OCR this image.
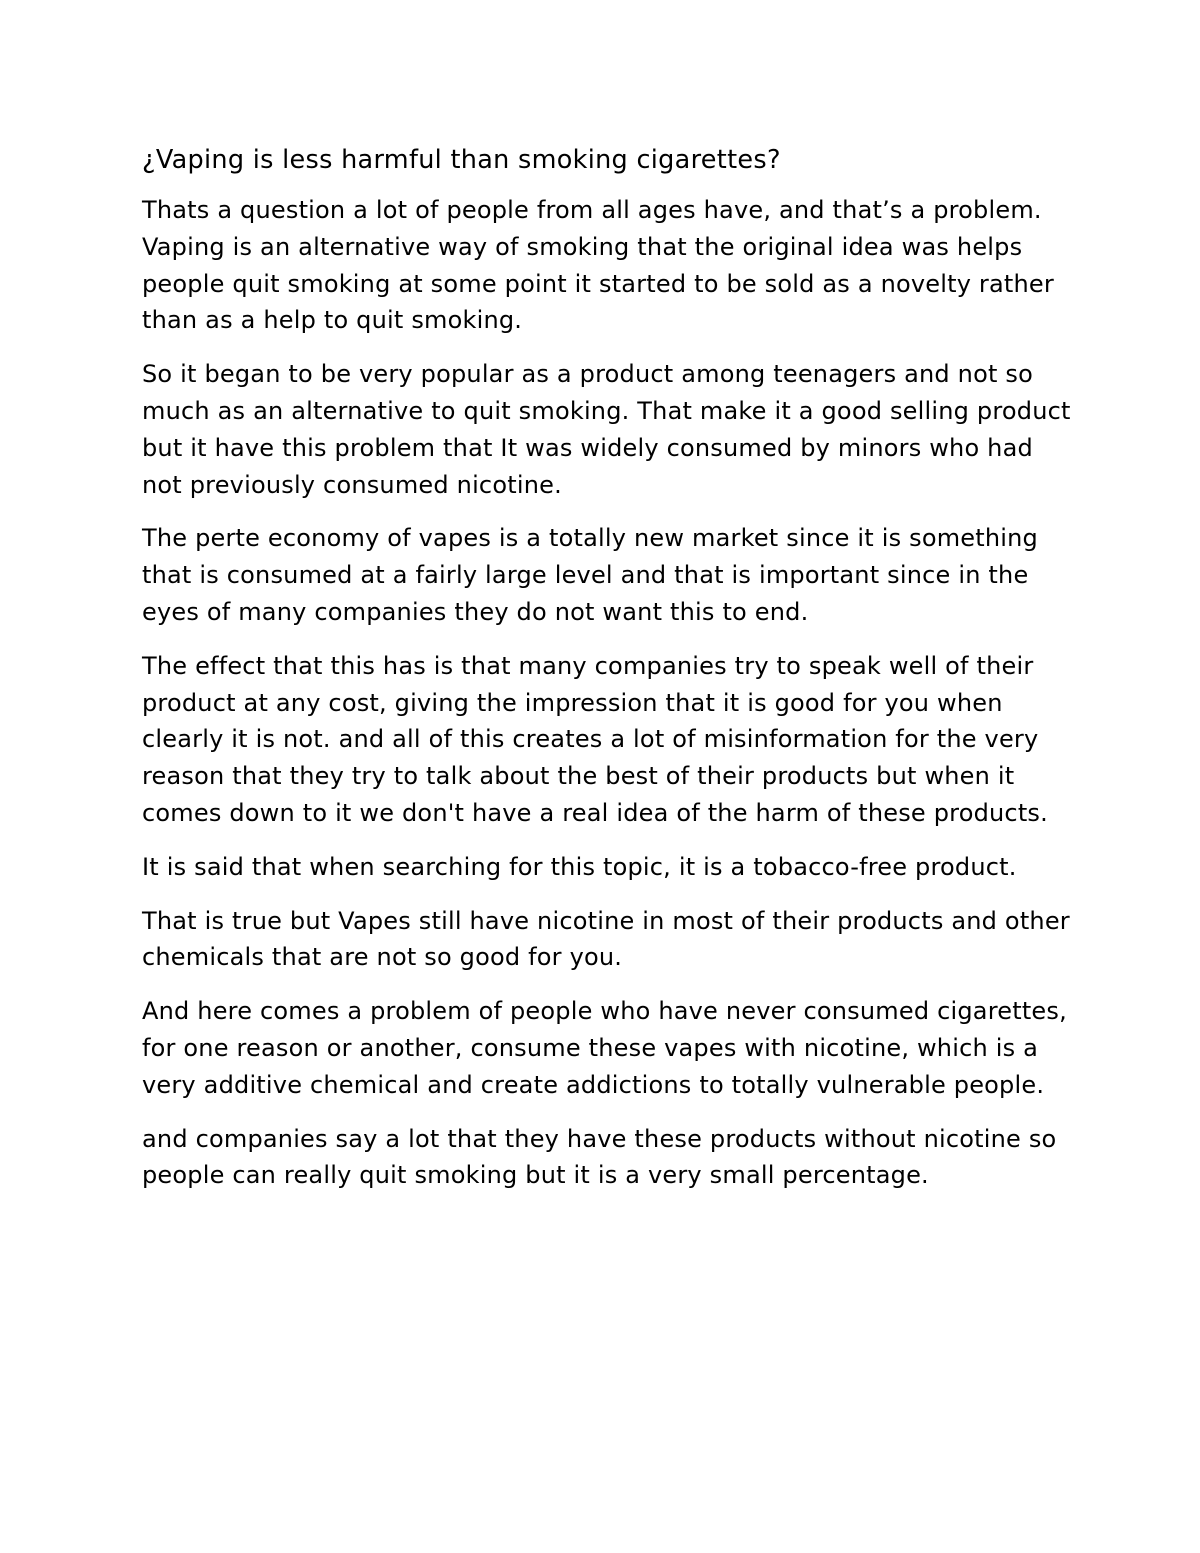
¿Vaping is less harmful than smoking cigarettes?

Thats a question a lot of people from all ages have, and that’s a problem. Vaping is an alternative way of smoking that the original idea was helps people quit smoking at some point it started to be sold as a novelty rather than as a help to quit smoking.

So it began to be very popular as a product among teenagers and not so much as an alternative to quit smoking. That make it a good selling product but it have this problem that It was widely consumed by minors who had not previously consumed nicotine.

The perte economy of vapes is a totally new market since it is something that is consumed at a fairly large level and that is important since in the eyes of many companies they do not want this to end.

The effect that this has is that many companies try to speak well of their product at any cost, giving the impression that it is good for you when clearly it is not. and all of this creates a lot of misinformation for the very reason that they try to talk about the best of their products but when it comes down to it we don't have a real idea of the harm of these products.

It is said that when searching for this topic, it is a tobacco-free product.

That is true but Vapes still have nicotine in most of their products and other chemicals that are not so good for you.

And here comes a problem of people who have never consumed cigarettes, for one reason or another, consume these vapes with nicotine, which is a very additive chemical and create addictions to totally vulnerable people.

and companies say a lot that they have these products without nicotine so people can really quit smoking but it is a very small percentage.
